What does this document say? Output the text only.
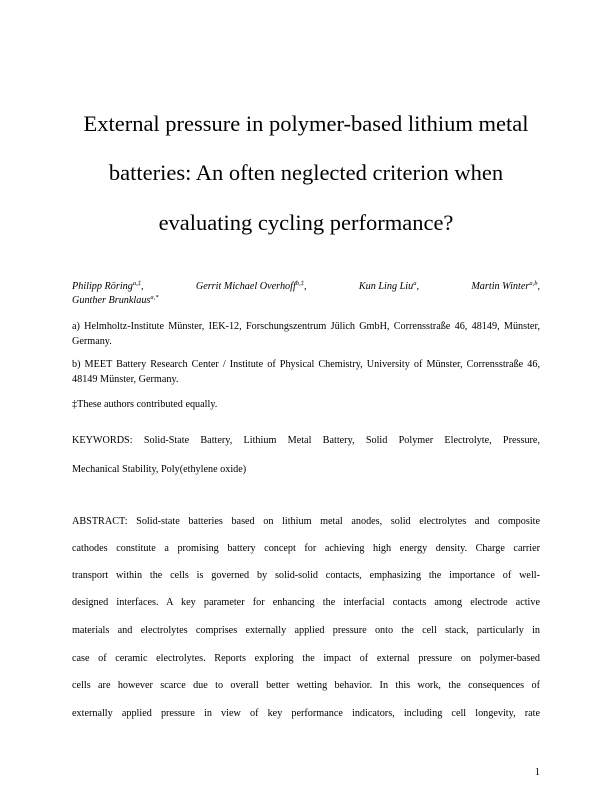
External pressure in polymer-based lithium metal
batteries: An often neglected criterion when
evaluating cycling performance?
Philipp Röring$^{a,\ddagger}$,	Gerrit Michael Overhoff$^{b,\ddagger}$,	Kun Ling Liu$^a$,	Martin Winter$^{a,b}$,
Gunther Brunklaus$^{a,*}$
a) Helmholtz-Institute Münster, IEK-12, Forschungszentrum Jülich GmbH, Corrensstraße 46, 48149, Münster, Germany.
b) MEET Battery Research Center / Institute of Physical Chemistry, University of Münster, Corrensstraße 46, 48149 Münster, Germany.
‡These authors contributed equally.
KEYWORDS: Solid-State Battery, Lithium Metal Battery, Solid Polymer Electrolyte, Pressure,
Mechanical Stability, Poly(ethylene oxide)
ABSTRACT: Solid-state batteries based on lithium metal anodes, solid electrolytes and composite
cathodes constitute a promising battery concept for achieving high energy density. Charge carrier
transport within the cells is governed by solid-solid contacts, emphasizing the importance of well-
designed interfaces. A key parameter for enhancing the interfacial contacts among electrode active
materials and electrolytes comprises externally applied pressure onto the cell stack, particularly in
case of ceramic electrolytes. Reports exploring the impact of external pressure on polymer-based
cells are however scarce due to overall better wetting behavior. In this work, the consequences of
externally applied pressure in view of key performance indicators, including cell longevity, rate
1
